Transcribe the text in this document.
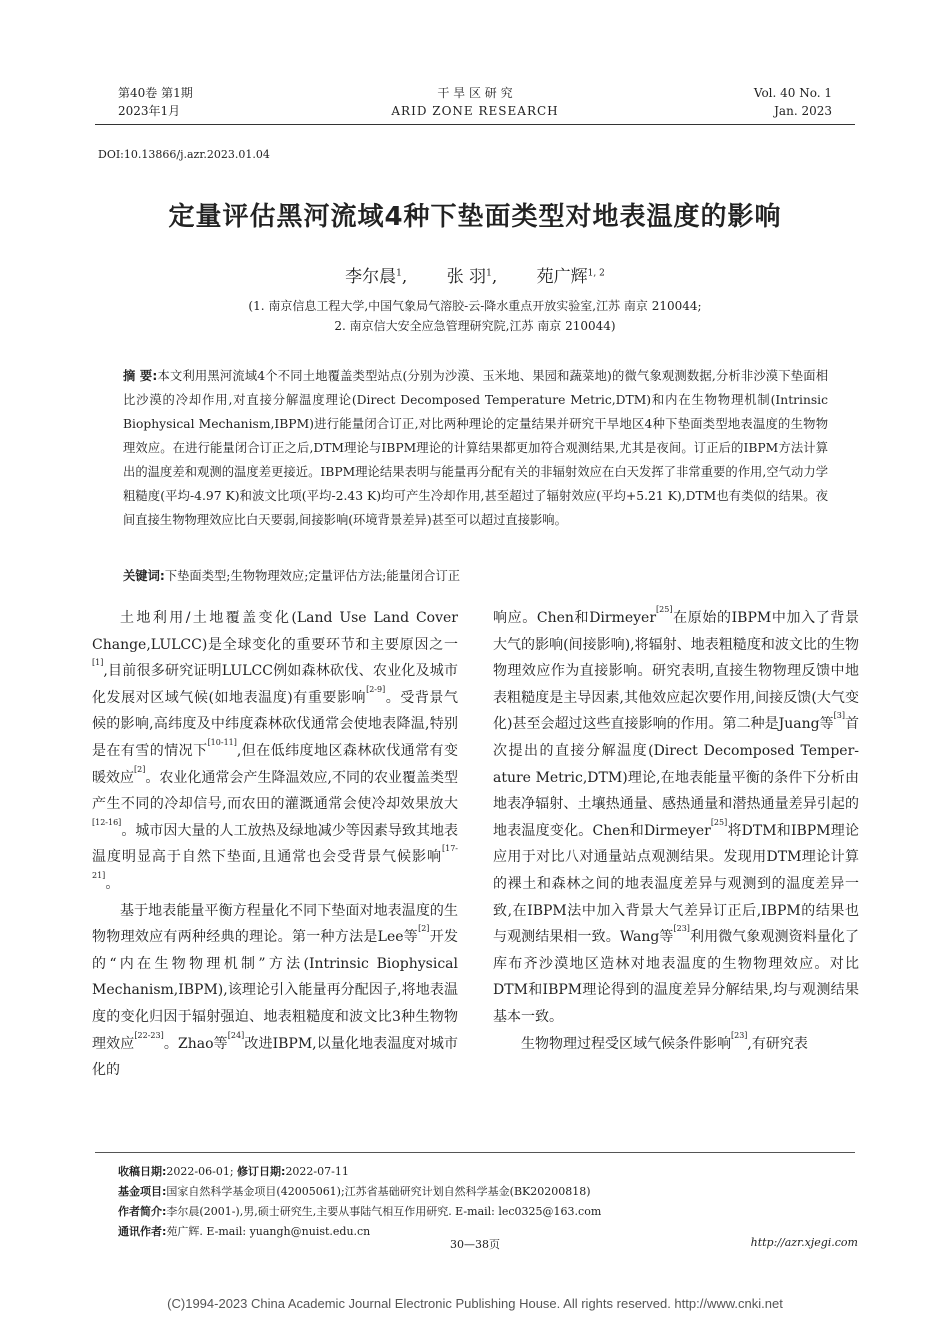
第40卷 第1期
2023年1月
干 旱 区 研 究
ARID ZONE RESEARCH
Vol. 40 No. 1
Jan. 2023
DOI:10.13866/j.azr.2023.01.04
定量评估黑河流域4种下垫面类型对地表温度的影响
李尔晨$^1$, 张 羽$^1$, 苑广辉$^{1, 2}$
(1. 南京信息工程大学,中国气象局气溶胶-云-降水重点开放实验室,江苏 南京 210044;
2. 南京信大安全应急管理研究院,江苏 南京 210044)
摘 要:本文利用黑河流域4个不同土地覆盖类型站点(分别为沙漠、玉米地、果园和蔬菜地)的微气象观测数据,分析非沙漠下垫面相比沙漠的冷却作用,对直接分解温度理论(Direct Decomposed Temperature Metric,DTM)和内在生物物理机制(Intrinsic Biophysical Mechanism,IBPM)进行能量闭合订正,对比两种理论的定量结果并研究干旱地区4种下垫面类型地表温度的生物物理效应。在进行能量闭合订正之后,DTM理论与IBPM理论的计算结果都更加符合观测结果,尤其是夜间。订正后的IBPM方法计算出的温度差和观测的温度差更接近。IBPM理论结果表明与能量再分配有关的非辐射效应在白天发挥了非常重要的作用,空气动力学粗糙度(平均-4.97 K)和波文比项(平均-2.43 K)均可产生冷却作用,甚至超过了辐射效应(平均+5.21 K),DTM也有类似的结果。夜间直接生物物理效应比白天要弱,间接影响(环境背景差异)甚至可以超过直接影响。
关键词:下垫面类型;生物物理效应;定量评估方法;能量闭合订正

土地利用/土地覆盖变化(Land Use Land Cover Change,LULCC)是全球变化的重要环节和主要原因之一[1],目前很多研究证明LULCC例如森林砍伐、农业化及城市化发展对区域气候(如地表温度)有重要影响[2-9]。受背景气候的影响,高纬度及中纬度森林砍伐通常会使地表降温,特别是在有雪的情况下[10-11],但在低纬度地区森林砍伐通常有变暖效应[2]。农业化通常会产生降温效应,不同的农业覆盖类型产生不同的冷却信号,而农田的灌溉通常会使冷却效果放大[12-16]。城市因大量的人工放热及绿地减少等因素导致其地表温度明显高于自然下垫面,且通常也会受背景气候影响[17-21]。

基于地表能量平衡方程量化不同下垫面对地表温度的生物物理效应有两种经典的理论。第一种方法是Lee等[2]开发的“内在生物物理机制”方法(Intrinsic Biophysical Mechanism,IBPM),该理论引入能量再分配因子,将地表温度的变化归因于辐射强迫、地表粗糙度和波文比3种生物物理效应[22-23]。Zhao等[24]改进IBPM,以量化地表温度对城市化的

响应。Chen和Dirmeyer[25]在原始的IBPM中加入了背景大气的影响(间接影响),将辐射、地表粗糙度和波文比的生物物理效应作为直接影响。研究表明,直接生物物理反馈中地表粗糙度是主导因素,其他效应起次要作用,间接反馈(大气变化)甚至会超过这些直接影响的作用。第二种是Juang等[3]首次提出的直接分解温度(Direct Decomposed Temper-ature Metric,DTM)理论,在地表能量平衡的条件下分析由地表净辐射、土壤热通量、感热通量和潜热通量差异引起的地表温度变化。Chen和Dirmeyer[25]将DTM和IBPM理论应用于对比八对通量站点观测结果。发现用DTM理论计算的裸土和森林之间的地表温度差异与观测到的温度差异一致,在IBPM法中加入背景大气差异订正后,IBPM的结果也与观测结果相一致。Wang等[23]利用微气象观测资料量化了库布齐沙漠地区造林对地表温度的生物物理效应。对比DTM和IBPM理论得到的温度差异分解结果,均与观测结果基本一致。

生物物理过程受区域气候条件影响[23],有研究表

收稿日期:2022-06-01; 修订日期:2022-07-11
基金项目:国家自然科学基金项目(42005061);江苏省基础研究计划自然科学基金(BK20200818)
作者简介:李尔晨(2001-),男,硕士研究生,主要从事陆气相互作用研究. E-mail: lec0325@163.com
通讯作者:苑广辉. E-mail: yuangh@nuist.edu.cn
30—38页	http://azr.xjegi.com
(C)1994-2023 China Academic Journal Electronic Publishing House. All rights reserved. http://www.cnki.net
